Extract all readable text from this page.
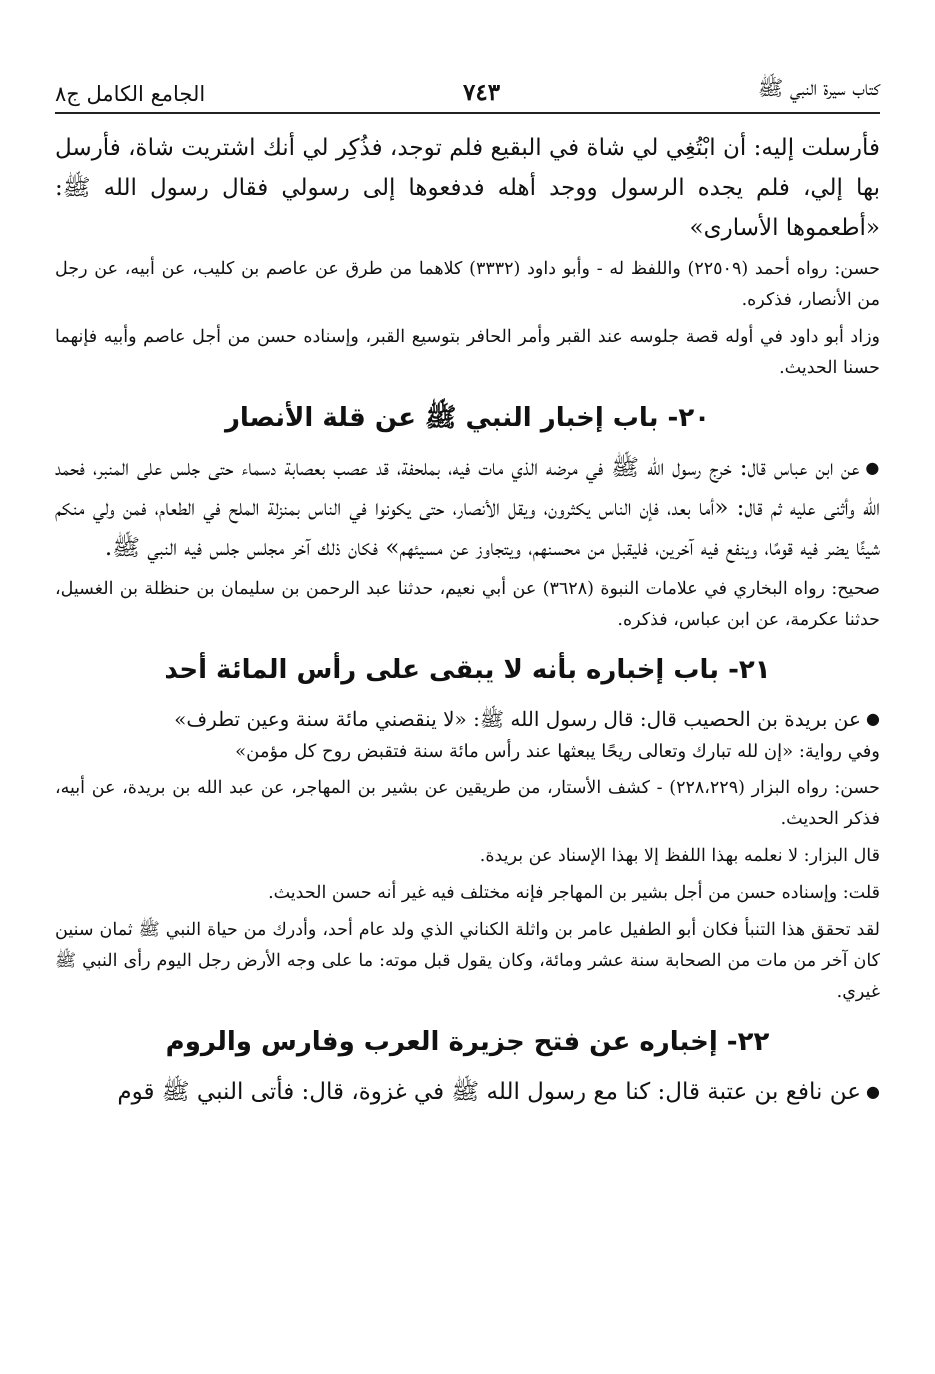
كتاب سيرة النبي ﷺ
٧٤٣
الجامع الكامل ج٨

فأرسلت إليه: أن ابْتُغِي لي شاة في البقيع فلم توجد، فذُكِر لي أنك اشتريت شاة، فأرسل بها إلي، فلم يجده الرسول ووجد أهله فدفعوها إلى رسولي فقال رسول الله ﷺ: «أطعموها الأسارى»

حسن: رواه أحمد (٢٢٥٠٩) واللفظ له - وأبو داود (٣٣٣٢) كلاهما من طرق عن عاصم بن كليب، عن أبيه، عن رجل من الأنصار، فذكره.

وزاد أبو داود في أوله قصة جلوسه عند القبر وأمر الحافر بتوسيع القبر، وإسناده حسن من أجل عاصم وأبيه فإنهما حسنا الحديث.

٢٠- باب إخبار النبي ﷺ عن قلة الأنصار

● عن ابن عباس قال: خرج رسول الله ﷺ في مرضه الذي مات فيه، بملحفة، قد عصب بعصابة دسماء حتى جلس على المنبر، فحمد الله وأثنى عليه ثم قال: «أما بعد، فإن الناس يكثرون، ويقل الأنصار، حتى يكونوا في الناس بمنزلة الملح في الطعام، فمن ولي منكم شيئًا يضر فيه قومًا، وينفع فيه آخرين، فليقبل من محسنهم، ويتجاوز عن مسيئهم» فكان ذلك آخر مجلس جلس فيه النبي ﷺ.

صحيح: رواه البخاري في علامات النبوة (٣٦٢٨) عن أبي نعيم، حدثنا عبد الرحمن بن سليمان بن حنظلة بن الغسيل، حدثنا عكرمة، عن ابن عباس، فذكره.

٢١- باب إخباره بأنه لا يبقى على رأس المائة أحد

● عن بريدة بن الحصيب قال: قال رسول الله ﷺ: «لا ينقصني مائة سنة وعين تطرف»

وفي رواية: «إن لله تبارك وتعالى ريحًا يبعثها عند رأس مائة سنة فتقبض روح كل مؤمن»

حسن: رواه البزار (٢٢٨،٢٢٩) - كشف الأستار، من طريقين عن بشير بن المهاجر، عن عبد الله بن بريدة، عن أبيه، فذكر الحديث.

قال البزار: لا نعلمه بهذا اللفظ إلا بهذا الإسناد عن بريدة.

قلت: وإسناده حسن من أجل بشير بن المهاجر فإنه مختلف فيه غير أنه حسن الحديث.

لقد تحقق هذا التنبأ فكان أبو الطفيل عامر بن واثلة الكناني الذي ولد عام أحد، وأدرك من حياة النبي ﷺ ثمان سنين كان آخر من مات من الصحابة سنة عشر ومائة، وكان يقول قبل موته: ما على وجه الأرض رجل اليوم رأى النبي ﷺ غيري.

٢٢- إخباره عن فتح جزيرة العرب وفارس والروم

● عن نافع بن عتبة قال: كنا مع رسول الله ﷺ في غزوة، قال: فأتى النبي ﷺ قوم
